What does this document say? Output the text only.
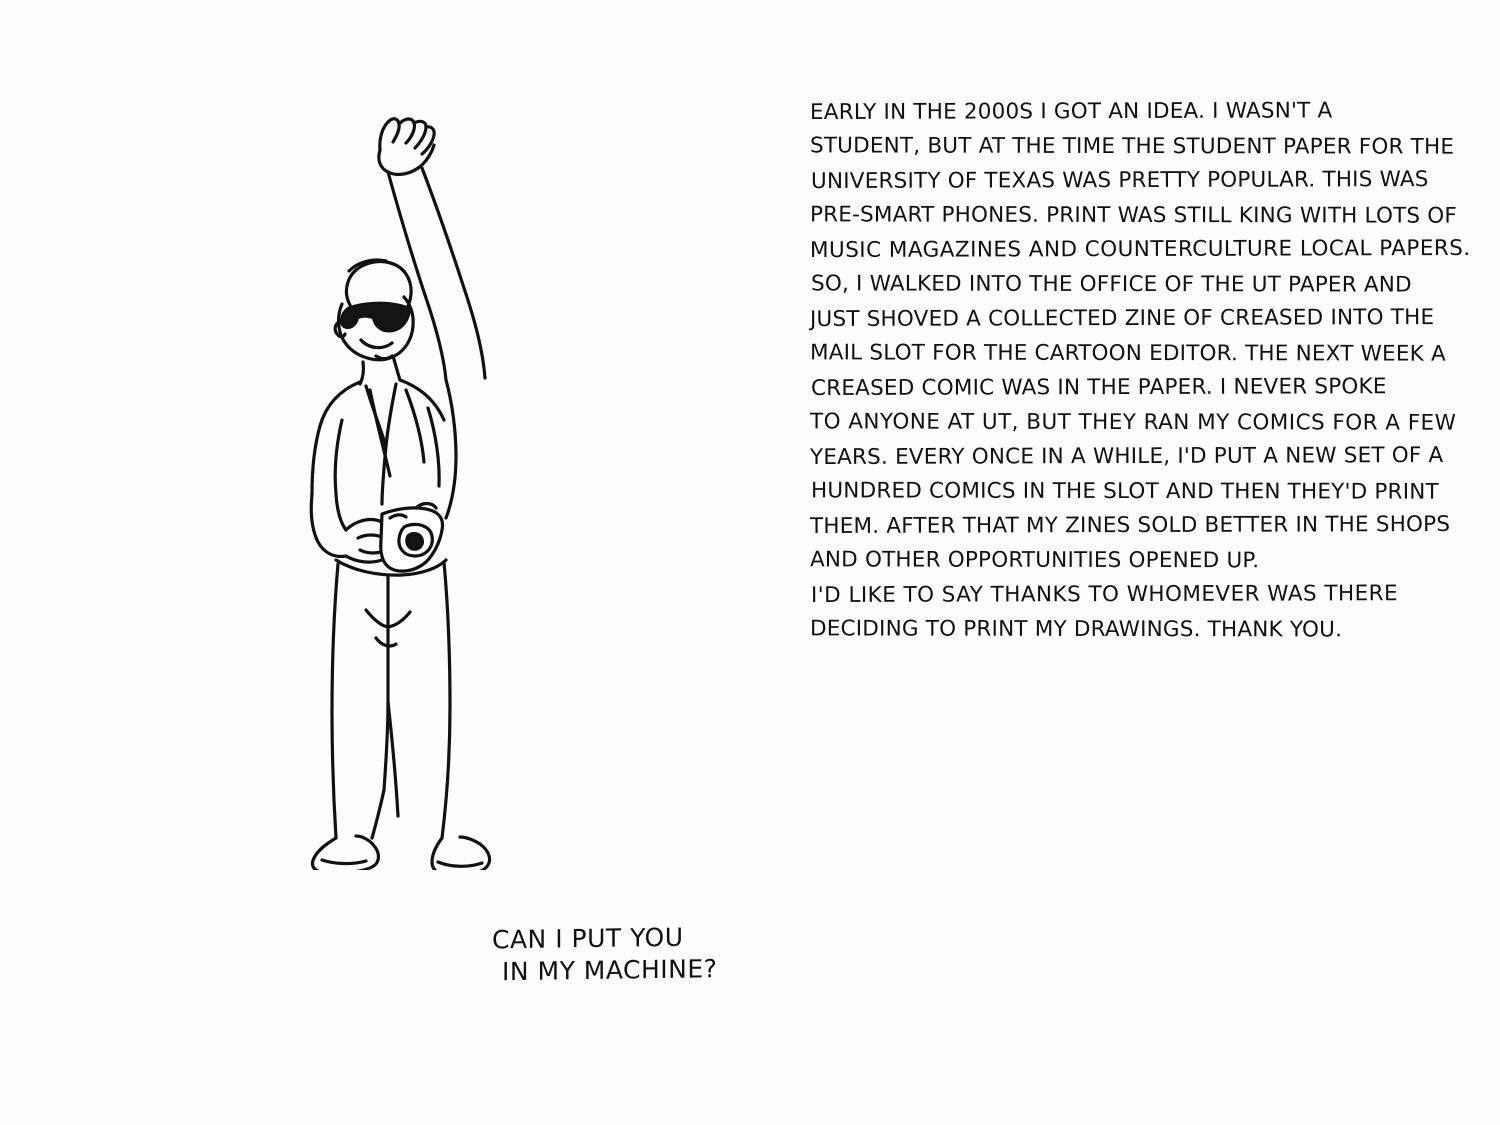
CAN I PUT YOU
IN MY MACHINE?
EARLY IN THE 2000S I GOT AN IDEA. I WASN'T A
STUDENT, BUT AT THE TIME THE STUDENT PAPER FOR THE
UNIVERSITY OF TEXAS WAS PRETTY POPULAR. THIS WAS
PRE-SMART PHONES. PRINT WAS STILL KING WITH LOTS OF
MUSIC MAGAZINES AND COUNTERCULTURE LOCAL PAPERS.
SO, I WALKED INTO THE OFFICE OF THE UT PAPER AND
JUST SHOVED A COLLECTED ZINE OF CREASED INTO THE
MAIL SLOT FOR THE CARTOON EDITOR. THE NEXT WEEK A
CREASED COMIC WAS IN THE PAPER. I NEVER SPOKE
TO ANYONE AT UT, BUT THEY RAN MY COMICS FOR A FEW
YEARS. EVERY ONCE IN A WHILE, I'D PUT A NEW SET OF A
HUNDRED COMICS IN THE SLOT AND THEN THEY'D PRINT
THEM. AFTER THAT MY ZINES SOLD BETTER IN THE SHOPS
AND OTHER OPPORTUNITIES OPENED UP.
I'D LIKE TO SAY THANKS TO WHOMEVER WAS THERE
DECIDING TO PRINT MY DRAWINGS. THANK YOU.
